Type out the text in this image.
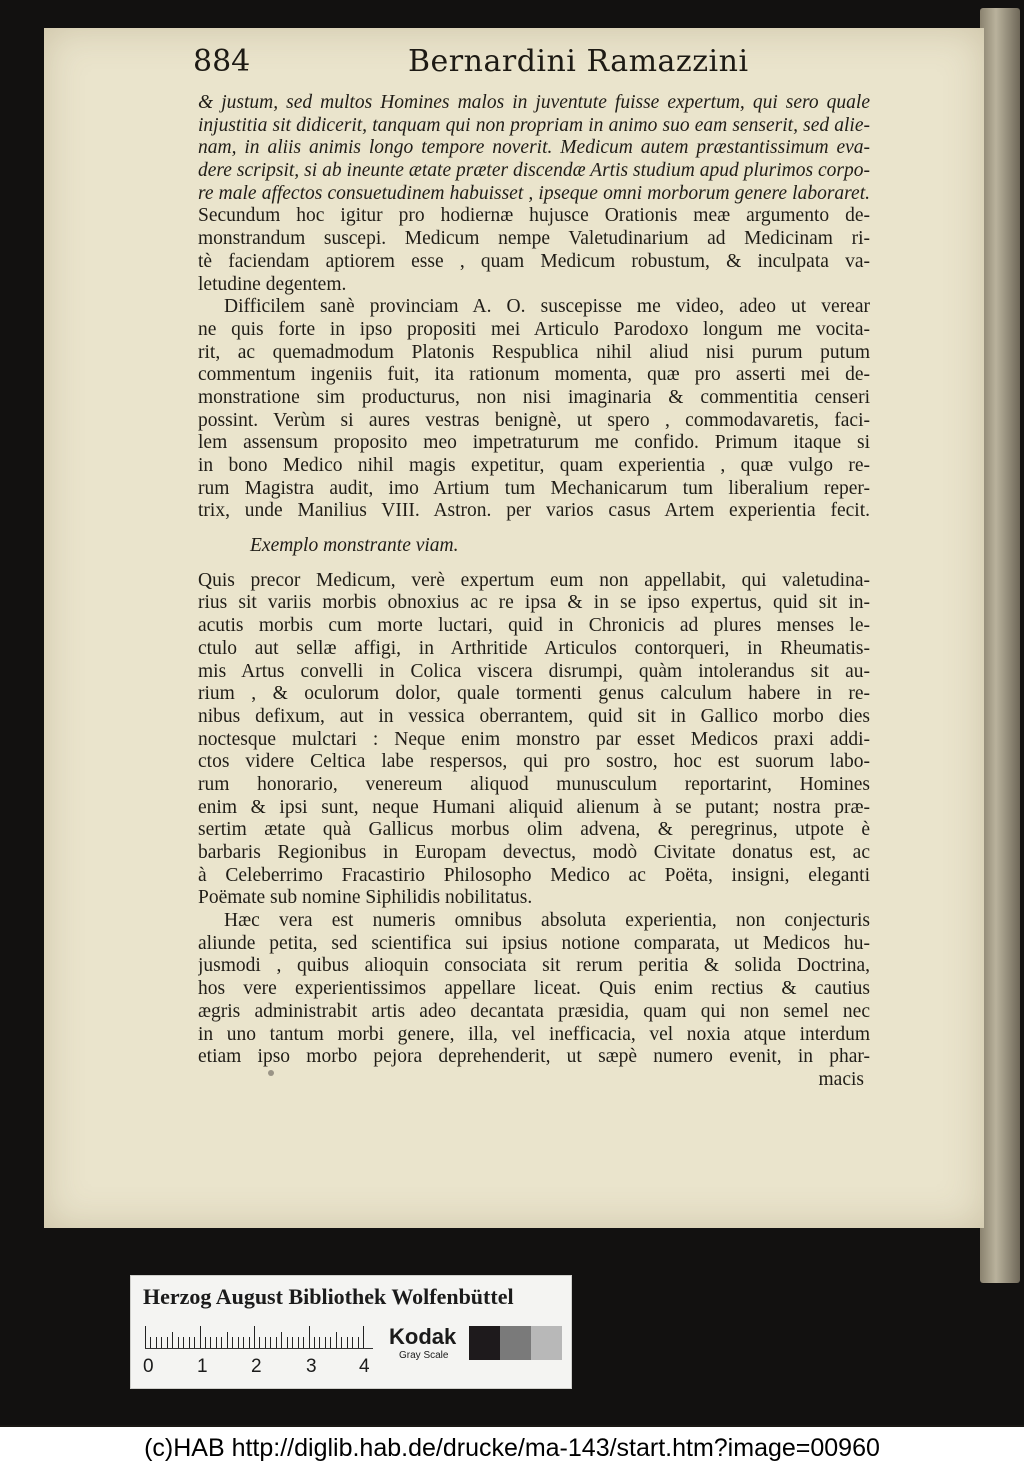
884	Bernardini Ramazzini
& justum, sed multos Homines malos in juventute fuisse expertum, qui sero quale
injustitia sit didicerit, tanquam qui non propriam in animo suo eam senserit, sed alie-
nam, in aliis animis longo tempore noverit. Medicum autem præstantissimum eva-
dere scripsit, si ab ineunte ætate præter discendæ Artis studium apud plurimos corpo-
re male affectos consuetudinem habuisset , ipseque omni morborum genere laboraret.
Secundum hoc igitur pro hodiernæ hujusce Orationis meæ argumento de-
monstrandum suscepi. Medicum nempe Valetudinarium ad Medicinam ri-
tè faciendam aptiorem esse , quam Medicum robustum, & inculpata va-
letudine degentem.
Difficilem sanè provinciam A. O. suscepisse me video, adeo ut verear
ne quis forte in ipso propositi mei Articulo Parodoxo longum me vocita-
rit, ac quemadmodum Platonis Respublica nihil aliud nisi purum putum
commentum ingeniis fuit, ita rationum momenta, quæ pro asserti mei de-
monstratione sim producturus, non nisi imaginaria & commentitia censeri
possint. Verùm si aures vestras benignè, ut spero , commodavaretis, faci-
lem assensum proposito meo impetraturum me confido. Primum itaque si
in bono Medico nihil magis expetitur, quam experientia , quæ vulgo re-
rum Magistra audit, imo Artium tum Mechanicarum tum liberalium reper-
trix, unde Manilius VIII. Astron. per varios casus Artem experientia fecit.
Exemplo monstrante viam.
Quis precor Medicum, verè expertum eum non appellabit, qui valetudina-
rius sit variis morbis obnoxius ac re ipsa & in se ipso expertus, quid sit in-
acutis morbis cum morte luctari, quid in Chronicis ad plures menses le-
ctulo aut sellæ affigi, in Arthritide Articulos contorqueri, in Rheumatis-
mis Artus convelli in Colica viscera disrumpi, quàm intolerandus sit au-
rium , & oculorum dolor, quale tormenti genus calculum habere in re-
nibus defixum, aut in vessica oberrantem, quid sit in Gallico morbo dies
noctesque mulctari : Neque enim monstro par esset Medicos praxi addi-
ctos videre Celtica labe respersos, qui pro sostro, hoc est suorum labo-
rum honorario, venereum aliquod munusculum reportarint, Homines
enim & ipsi sunt, neque Humani aliquid alienum à se putant; nostra præ-
sertim ætate quà Gallicus morbus olim advena, & peregrinus, utpote è
barbaris Regionibus in Europam devectus, modò Civitate donatus est, ac
à Celeberrimo Fracastirio Philosopho Medico ac Poëta, insigni, eleganti
Poëmate sub nomine Siphilidis nobilitatus.
Hæc vera est numeris omnibus absoluta experientia, non conjecturis
aliunde petita, sed scientifica sui ipsius notione comparata, ut Medicos hu-
jusmodi , quibus alioquin consociata sit rerum peritia & solida Doctrina,
hos vere experientissimos appellare liceat. Quis enim rectius & cautius
ægris administrabit artis adeo decantata præsidia, quam qui non semel nec
in uno tantum morbi genere, illa, vel inefficacia, vel noxia atque interdum
etiam ipso morbo pejora deprehenderit, ut sæpè numero evenit, in phar-
macis
Herzog August Bibliothek Wolfenbüttel
0 1 2 3 4
Kodak
Gray Scale
(c)HAB http://diglib.hab.de/drucke/ma-143/start.htm?image=00960
